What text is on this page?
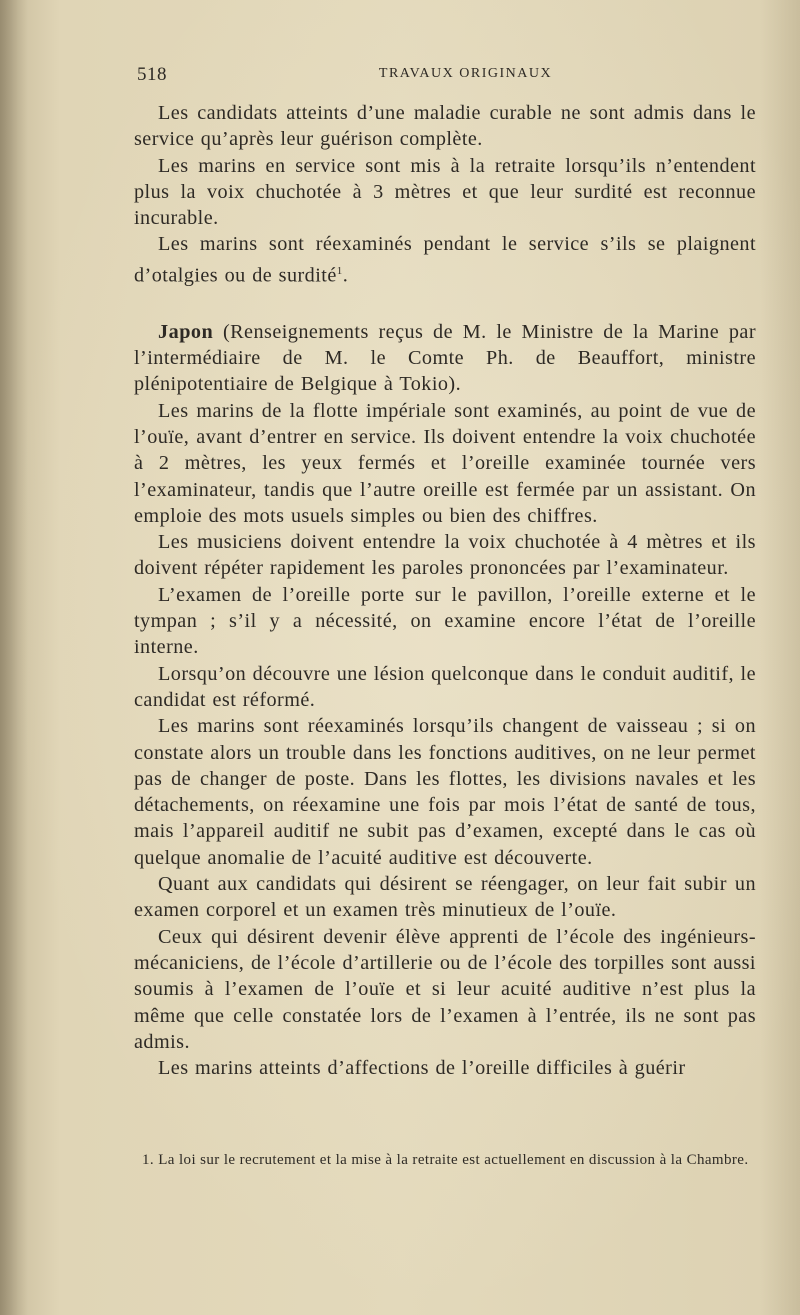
518	TRAVAUX ORIGINAUX

Les candidats atteints d’une maladie curable ne sont admis dans le service qu’après leur guérison complète.

Les marins en service sont mis à la retraite lorsqu’ils n’entendent plus la voix chuchotée à 3 mètres et que leur surdité est reconnue incurable.

Les marins sont réexaminés pendant le service s’ils se plaignent d’otalgies ou de surdité$^1$.

Japon (Renseignements reçus de M. le Ministre de la Marine par l’intermédiaire de M. le Comte Ph. de Beauffort, ministre plénipotentiaire de Belgique à Tokio).

Les marins de la flotte impériale sont examinés, au point de vue de l’ouïe, avant d’entrer en service. Ils doivent entendre la voix chuchotée à 2 mètres, les yeux fermés et l’oreille examinée tournée vers l’examinateur, tandis que l’autre oreille est fermée par un assistant. On emploie des mots usuels simples ou bien des chiffres.

Les musiciens doivent entendre la voix chuchotée à 4 mètres et ils doivent répéter rapidement les paroles prononcées par l’examinateur.

L’examen de l’oreille porte sur le pavillon, l’oreille externe et le tympan ; s’il y a nécessité, on examine encore l’état de l’oreille interne.

Lorsqu’on découvre une lésion quelconque dans le conduit auditif, le candidat est réformé.

Les marins sont réexaminés lorsqu’ils changent de vaisseau ; si on constate alors un trouble dans les fonctions auditives, on ne leur permet pas de changer de poste. Dans les flottes, les divisions navales et les détachements, on réexamine une fois par mois l’état de santé de tous, mais l’appareil auditif ne subit pas d’examen, excepté dans le cas où quelque anomalie de l’acuité auditive est découverte.

Quant aux candidats qui désirent se réengager, on leur fait subir un examen corporel et un examen très minutieux de l’ouïe.

Ceux qui désirent devenir élève apprenti de l’école des ingénieurs-mécaniciens, de l’école d’artillerie ou de l’école des torpilles sont aussi soumis à l’examen de l’ouïe et si leur acuité auditive n’est plus la même que celle constatée lors de l’examen à l’entrée, ils ne sont pas admis.

Les marins atteints d’affections de l’oreille difficiles à guérir

1. La loi sur le recrutement et la mise à la retraite est actuellement en discussion à la Chambre.
